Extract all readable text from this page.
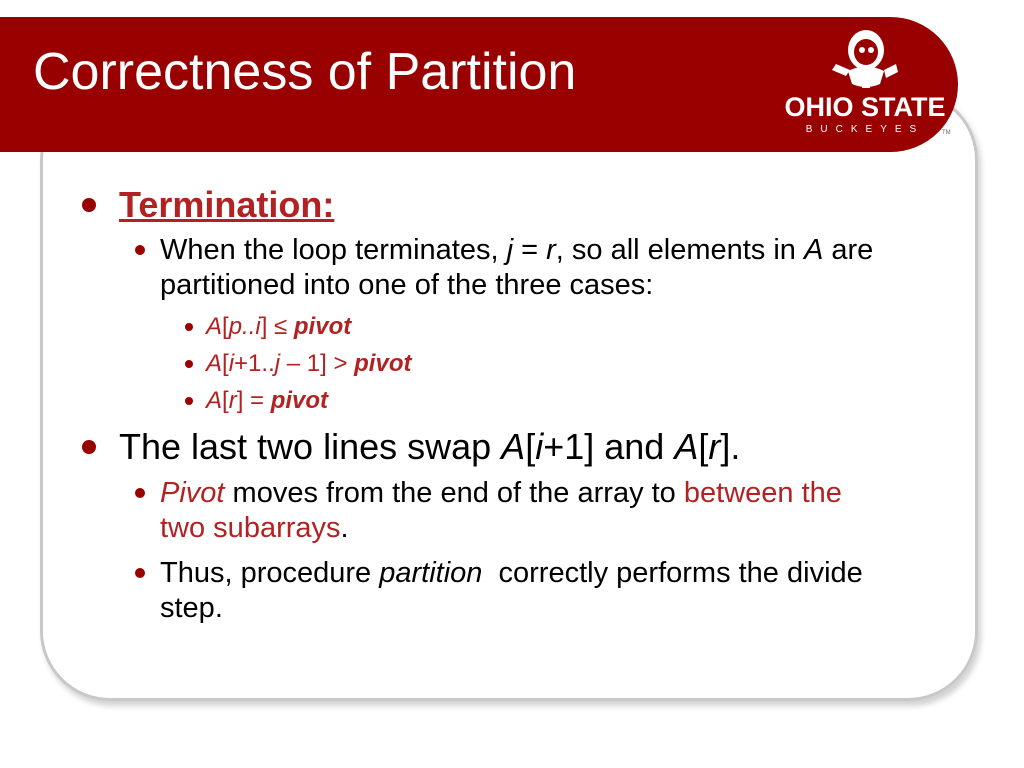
Correctness of Partition
OHIO STATE
BUCKEYES	TM
Termination:
When the loop terminates, j = r, so all elements in A are partitioned into one of the three cases:
A[p..i] ≤ pivot
A[i+1..j – 1] > pivot
A[r] = pivot
The last two lines swap A[i+1] and A[r].
Pivot moves from the end of the array to between the two subarrays.
Thus, procedure partition  correctly performs the divide step.
